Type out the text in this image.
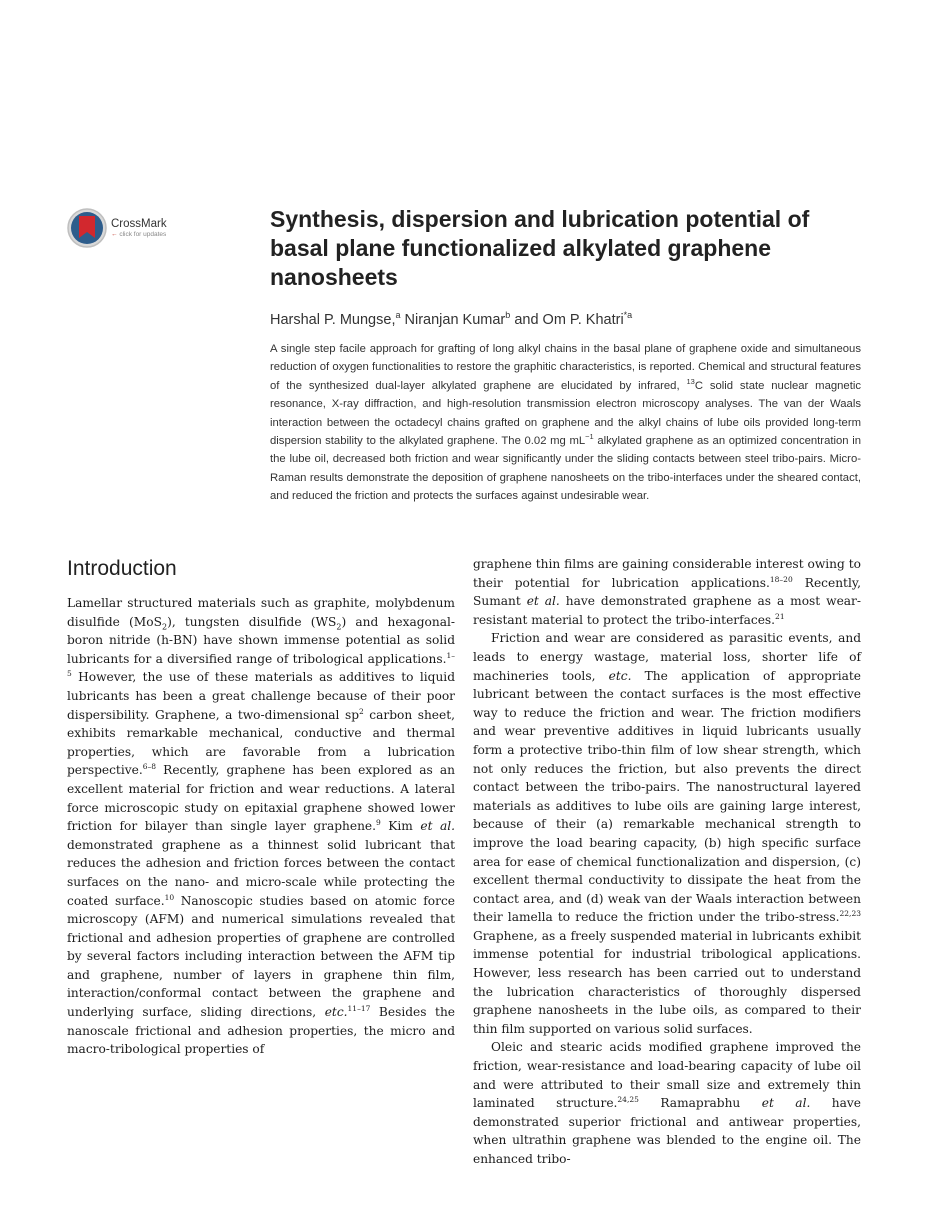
CrossMark
← click for updates
Synthesis, dispersion and lubrication potential of basal plane functionalized alkylated graphene nanosheets

Harshal P. Mungse,$^a$ Niranjan Kumar$^b$ and Om P. Khatri$^{*a}$

A single step facile approach for grafting of long alkyl chains in the basal plane of graphene oxide and simultaneous reduction of oxygen functionalities to restore the graphitic characteristics, is reported. Chemical and structural features of the synthesized dual-layer alkylated graphene are elucidated by infrared, $^{13}$C solid state nuclear magnetic resonance, X-ray diffraction, and high-resolution transmission electron microscopy analyses. The van der Waals interaction between the octadecyl chains grafted on graphene and the alkyl chains of lube oils provided long-term dispersion stability to the alkylated graphene. The 0.02 mg $mL^{-1}$ alkylated graphene as an optimized concentration in the lube oil, decreased both friction and wear significantly under the sliding contacts between steel tribo-pairs. Micro-Raman results demonstrate the deposition of graphene nanosheets on the tribo-interfaces under the sheared contact, and reduced the friction and protects the surfaces against undesirable wear.

Introduction

Lamellar structured materials such as graphite, molybdenum disulfide (MoS$_2$), tungsten disulfide $(WS_2)$ and hexagonal-boron nitride (h-BN) have shown immense potential as solid lubricants for a diversified range of tribological applications.$^{1-5}$ However, the use of these materials as additives to liquid lubricants has been a great challenge because of their poor dispersibility. Graphene, a two-dimensional $sp^2$ carbon sheet, exhibits remarkable mechanical, conductive and thermal properties, which are favorable from a lubrication perspective.$^{6-8}$ Recently, graphene has been explored as an excellent material for friction and wear reductions. A lateral force microscopic study on epitaxial graphene showed lower friction for bilayer than single layer graphene.$^9$ Kim et al. demonstrated graphene as a thinnest solid lubricant that reduces the adhesion and friction forces between the contact surfaces on the nano- and micro-scale while protecting the coated surface.$^{10}$ Nanoscopic studies based on atomic force microscopy (AFM) and numerical simulations revealed that frictional and adhesion properties of graphene are controlled by several factors including interaction between the AFM tip and graphene, number of layers in graphene thin film, interaction/conformal contact between the graphene and underlying surface, sliding directions, etc.$^{11-17}$ Besides the nanoscale frictional and adhesion properties, the micro and macro-tribological properties of

graphene thin films are gaining considerable interest owing to their potential for lubrication applications.$^{18-20}$ Recently, Sumant et al. have demonstrated graphene as a most wear-resistant material to protect the tribo-interfaces.$^{21}$

Friction and wear are considered as parasitic events, and leads to energy wastage, material loss, shorter life of machineries tools, etc. The application of appropriate lubricant between the contact surfaces is the most effective way to reduce the friction and wear. The friction modifiers and wear preventive additives in liquid lubricants usually form a protective tribo-thin film of low shear strength, which not only reduces the friction, but also prevents the direct contact between the tribo-pairs. The nanostructural layered materials as additives to lube oils are gaining large interest, because of their (a) remarkable mechanical strength to improve the load bearing capacity, (b) high specific surface area for ease of chemical functionalization and dispersion, (c) excellent thermal conductivity to dissipate the heat from the contact area, and (d) weak van der Waals interaction between their lamella to reduce the friction under the tribo-stress.$^{22,23}$ Graphene, as a freely suspended material in lubricants exhibit immense potential for industrial tribological applications. However, less research has been carried out to understand the lubrication characteristics of thoroughly dispersed graphene nanosheets in the lube oils, as compared to their thin film supported on various solid surfaces.

Oleic and stearic acids modified graphene improved the friction, wear-resistance and load-bearing capacity of lube oil and were attributed to their small size and extremely thin laminated structure.$^{24,25}$ Ramaprabhu et al. have demonstrated superior frictional and antiwear properties, when ultrathin graphene was blended to the engine oil. The enhanced tribo-
